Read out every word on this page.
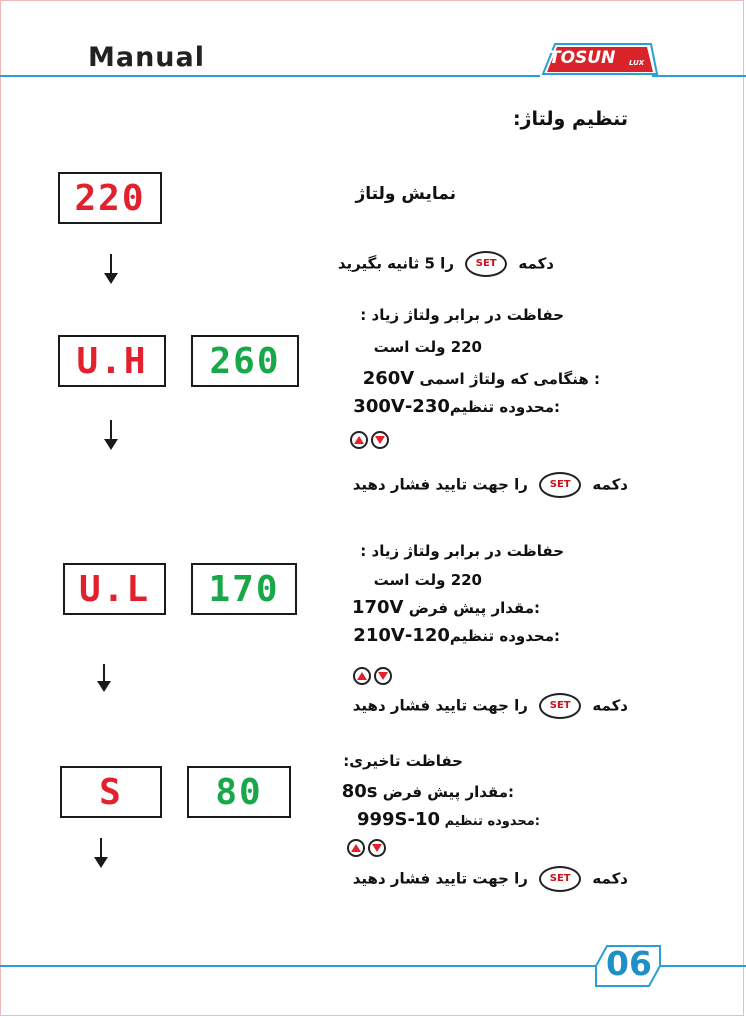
Manual	TOSUN LUX
تنظیم ولتاژ:
220	نمایش ولتاژ
دکمه SET را 5 ثانیه بگیرید
U.H	260
حفاظت در برابر ولتاژ زیاد :
220 ولت است
: هنگامی که ولتاژ اسمی 260V
:محدوده تنظیم230-300V
دکمه SET را جهت تایید فشار دهید
U.L	170
حفاظت در برابر ولتاژ زیاد :
220 ولت است
:مقدار پیش فرض 170V
:محدوده تنظیم120-210V
دکمه SET را جهت تایید فشار دهید
S	80
حفاظت تاخیری:
:مقدار پیش فرض 80s
:محدوده تنظیم 10-999S
دکمه SET را جهت تایید فشار دهید
06
